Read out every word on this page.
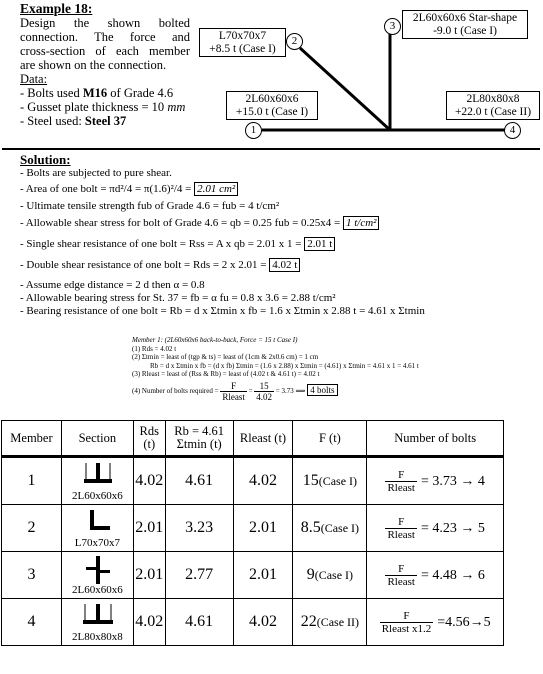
Example 18:
Design the shown bolted
connection. The force and
cross-section of each member
are shown on the connection.
Data:
- Bolts used M16 of Grade 4.6
- Gusset plate thickness = 10 mm
- Steel used: Steel 37
L70x70x7
+8.5 t (Case I)
2
2L60x60x6 Star-shape
-9.0 t (Case I)
3
2L60x60x6
+15.0 t (Case I)
1
2L80x80x8
+22.0 t (Case II)
4
Solution:
- Bolts are subjected to pure shear.
- Area of one bolt = πd²/4 = π(1.6)²/4 = 2.01 cm²
- Ultimate tensile strength fub of Grade 4.6 = fub = 4 t/cm²
- Allowable shear stress for bolt of Grade 4.6 = qb = 0.25 fub = 0.25x4 = 1 t/cm²
- Single shear resistance of one bolt = Rss = A x qb = 2.01 x 1 = 2.01 t
- Double shear resistance of one bolt = Rds = 2 x 2.01 = 4.02 t
- Assume edge distance = 2 d then α = 0.8
- Allowable bearing stress for St. 37 = fb = α fu = 0.8 x 3.6 = 2.88 t/cm²
- Bearing resistance of one bolt = Rb = d x Σtmin x fb = 1.6 x Σtmin x 2.88 t = 4.61 x Σtmin
Member 1: (2L60x60x6 back-to-back, Force = 15 t Case I)
(1) Rds = 4.02 t
(2) Σtmin = least of (tgp & ts) = least of (1cm & 2x0.6 cm) = 1 cm
Rb = d x Σtmin x fb = (d x fb) Σtmin = (1.6 x 2.88) x Σtmin = (4.61) x Σtmin = 4.61 x 1 = 4.61 t
(3) Rleast = least of (Rss & Rb) = least of (4.02 t & 4.61 t) = 4.02 t
(4) Number of bolts required = $\frac{F}{\text{Rleast}} = \frac{15}{4.02} = 3.73$ ⟹ 4 bolts
Member	Section	Rds (t)	Rb = 4.61 Σtmin (t)	Rleast (t)	F (t)	Number of bolts
1	2L60x60x6	4.02	4.61	4.02	15(Case I)	$\frac{F}{\text{Rleast}} = 3.73 \to 4$
2	L70x70x7	2.01	3.23	2.01	8.5(Case I)	$\frac{F}{\text{Rleast}} = 4.23 \to 5$
3	2L60x60x6	2.01	2.77	2.01	9(Case I)	$\frac{F}{\text{Rleast}} = 4.48 \to 6$
4	2L80x80x8	4.02	4.61	4.02	22(Case II)	$\frac{F}{\text{Rleast x1.2}} =4.56\to 5$
